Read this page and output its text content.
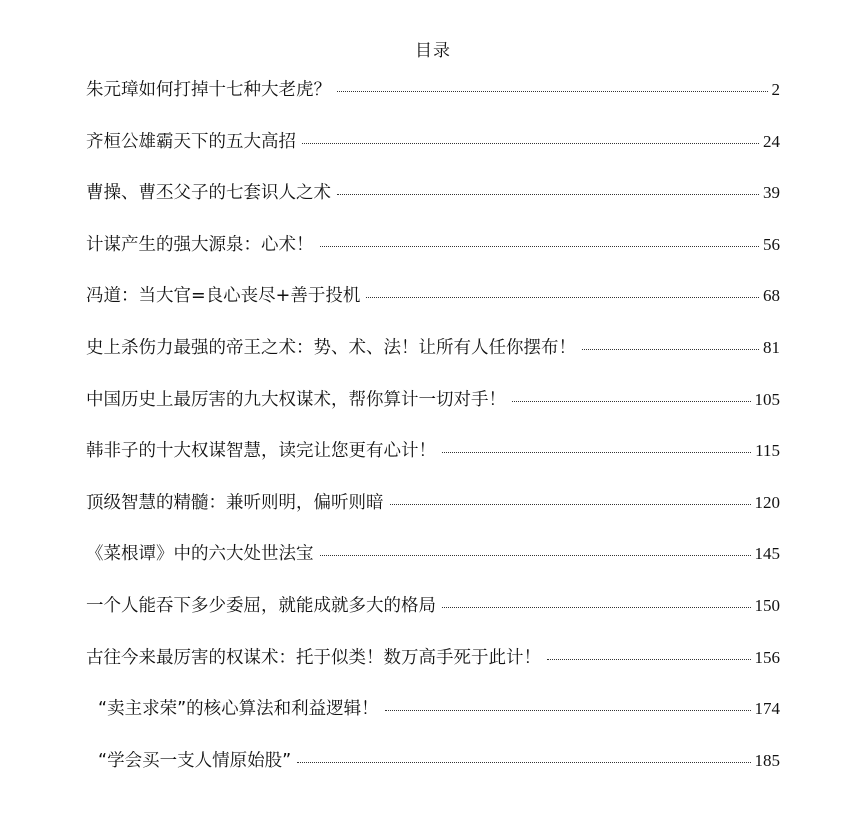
目录
朱元璋如何打掉十七种大老虎？	2
齐桓公雄霸天下的五大高招	24
曹操、曹丕父子的七套识人之术	39
计谋产生的强大源泉：心术！	56
冯道：当大官=良心丧尽+善于投机	68
史上杀伤力最强的帝王之术：势、术、法！让所有人任你摆布！	81
中国历史上最厉害的九大权谋术，帮你算计一切对手！	105
韩非子的十大权谋智慧，读完让您更有心计！	115
顶级智慧的精髓：兼听则明，偏听则暗	120
《菜根谭》中的六大处世法宝	145
一个人能吞下多少委屈，就能成就多大的格局	150
古往今来最厉害的权谋术：托于似类！数万高手死于此计！	156
“卖主求荣”的核心算法和利益逻辑！	174
“学会买一支人情原始股”	185
